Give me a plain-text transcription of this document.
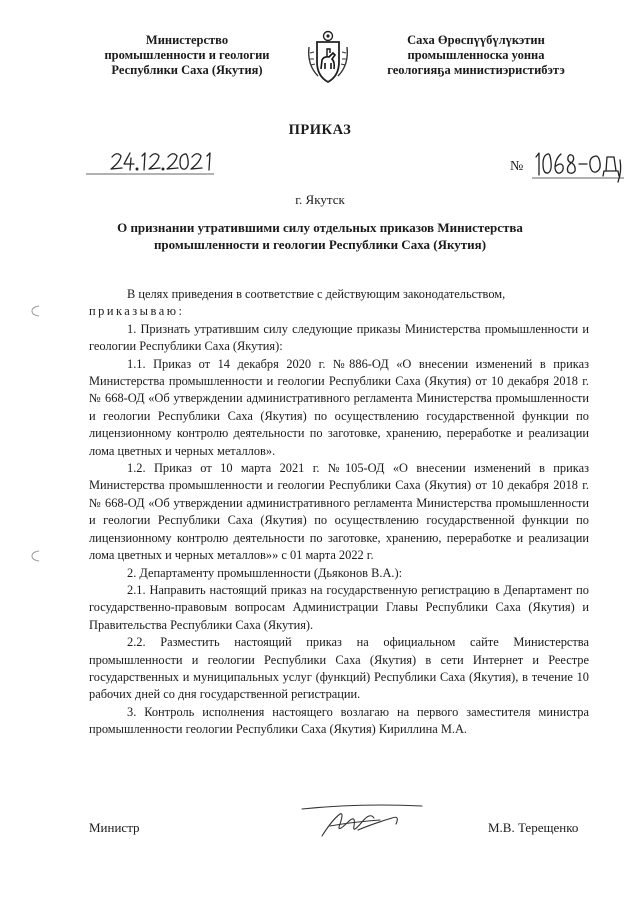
Министерство
промышленности и геологии
Республики Саха (Якутия)
Саха Өрөспүүбүлүкэтин
промышленноска уонна
геологияҕа министиэристибэтэ
ПРИКАЗ
№
г. Якутск
О признании утратившими силу отдельных приказов Министерства
промышленности и геологии Республики Саха (Якутия)

В целях приведения в соответствие с действующим законодательством,
приказываю:

1. Признать утратившим силу следующие приказы Министерства промышленности и геологии Республики Саха (Якутия):

1.1. Приказ от 14 декабря 2020 г. №886-ОД «О внесении изменений в приказ Министерства промышленности и геологии Республики Саха (Якутия) от 10 декабря 2018 г. № 668-ОД «Об утверждении административного регламента Министерства промышленности и геологии Республики Саха (Якутия) по осуществлению государственной функции по лицензионному контролю деятельности по заготовке, хранению, переработке и реализации лома цветных и черных металлов».

1.2. Приказ от 10 марта 2021 г. №105-ОД «О внесении изменений в приказ Министерства промышленности и геологии Республики Саха (Якутия) от 10 декабря 2018 г. № 668-ОД «Об утверждении административного регламента Министерства промышленности и геологии Республики Саха (Якутия) по осуществлению государственной функции по лицензионному контролю деятельности по заготовке, хранению, переработке и реализации лома цветных и черных металлов»» с 01 марта 2022 г.

2. Департаменту промышленности (Дьяконов В.А.):

2.1. Направить настоящий приказ на государственную регистрацию в Департамент по государственно-правовым вопросам Администрации Главы Республики Саха (Якутия) и Правительства Республики Саха (Якутия).

2.2. Разместить настоящий приказ на официальном сайте Министерства промышленности и геологии Республики Саха (Якутия) в сети Интернет и Реестре государственных и муниципальных услуг (функций) Республики Саха (Якутия), в течение 10 рабочих дней со дня государственной регистрации.

3. Контроль исполнения настоящего возлагаю на первого заместителя министра промышленности геологии Республики Саха (Якутия) Кириллина М.А.

Министр	М.В. Терещенко
